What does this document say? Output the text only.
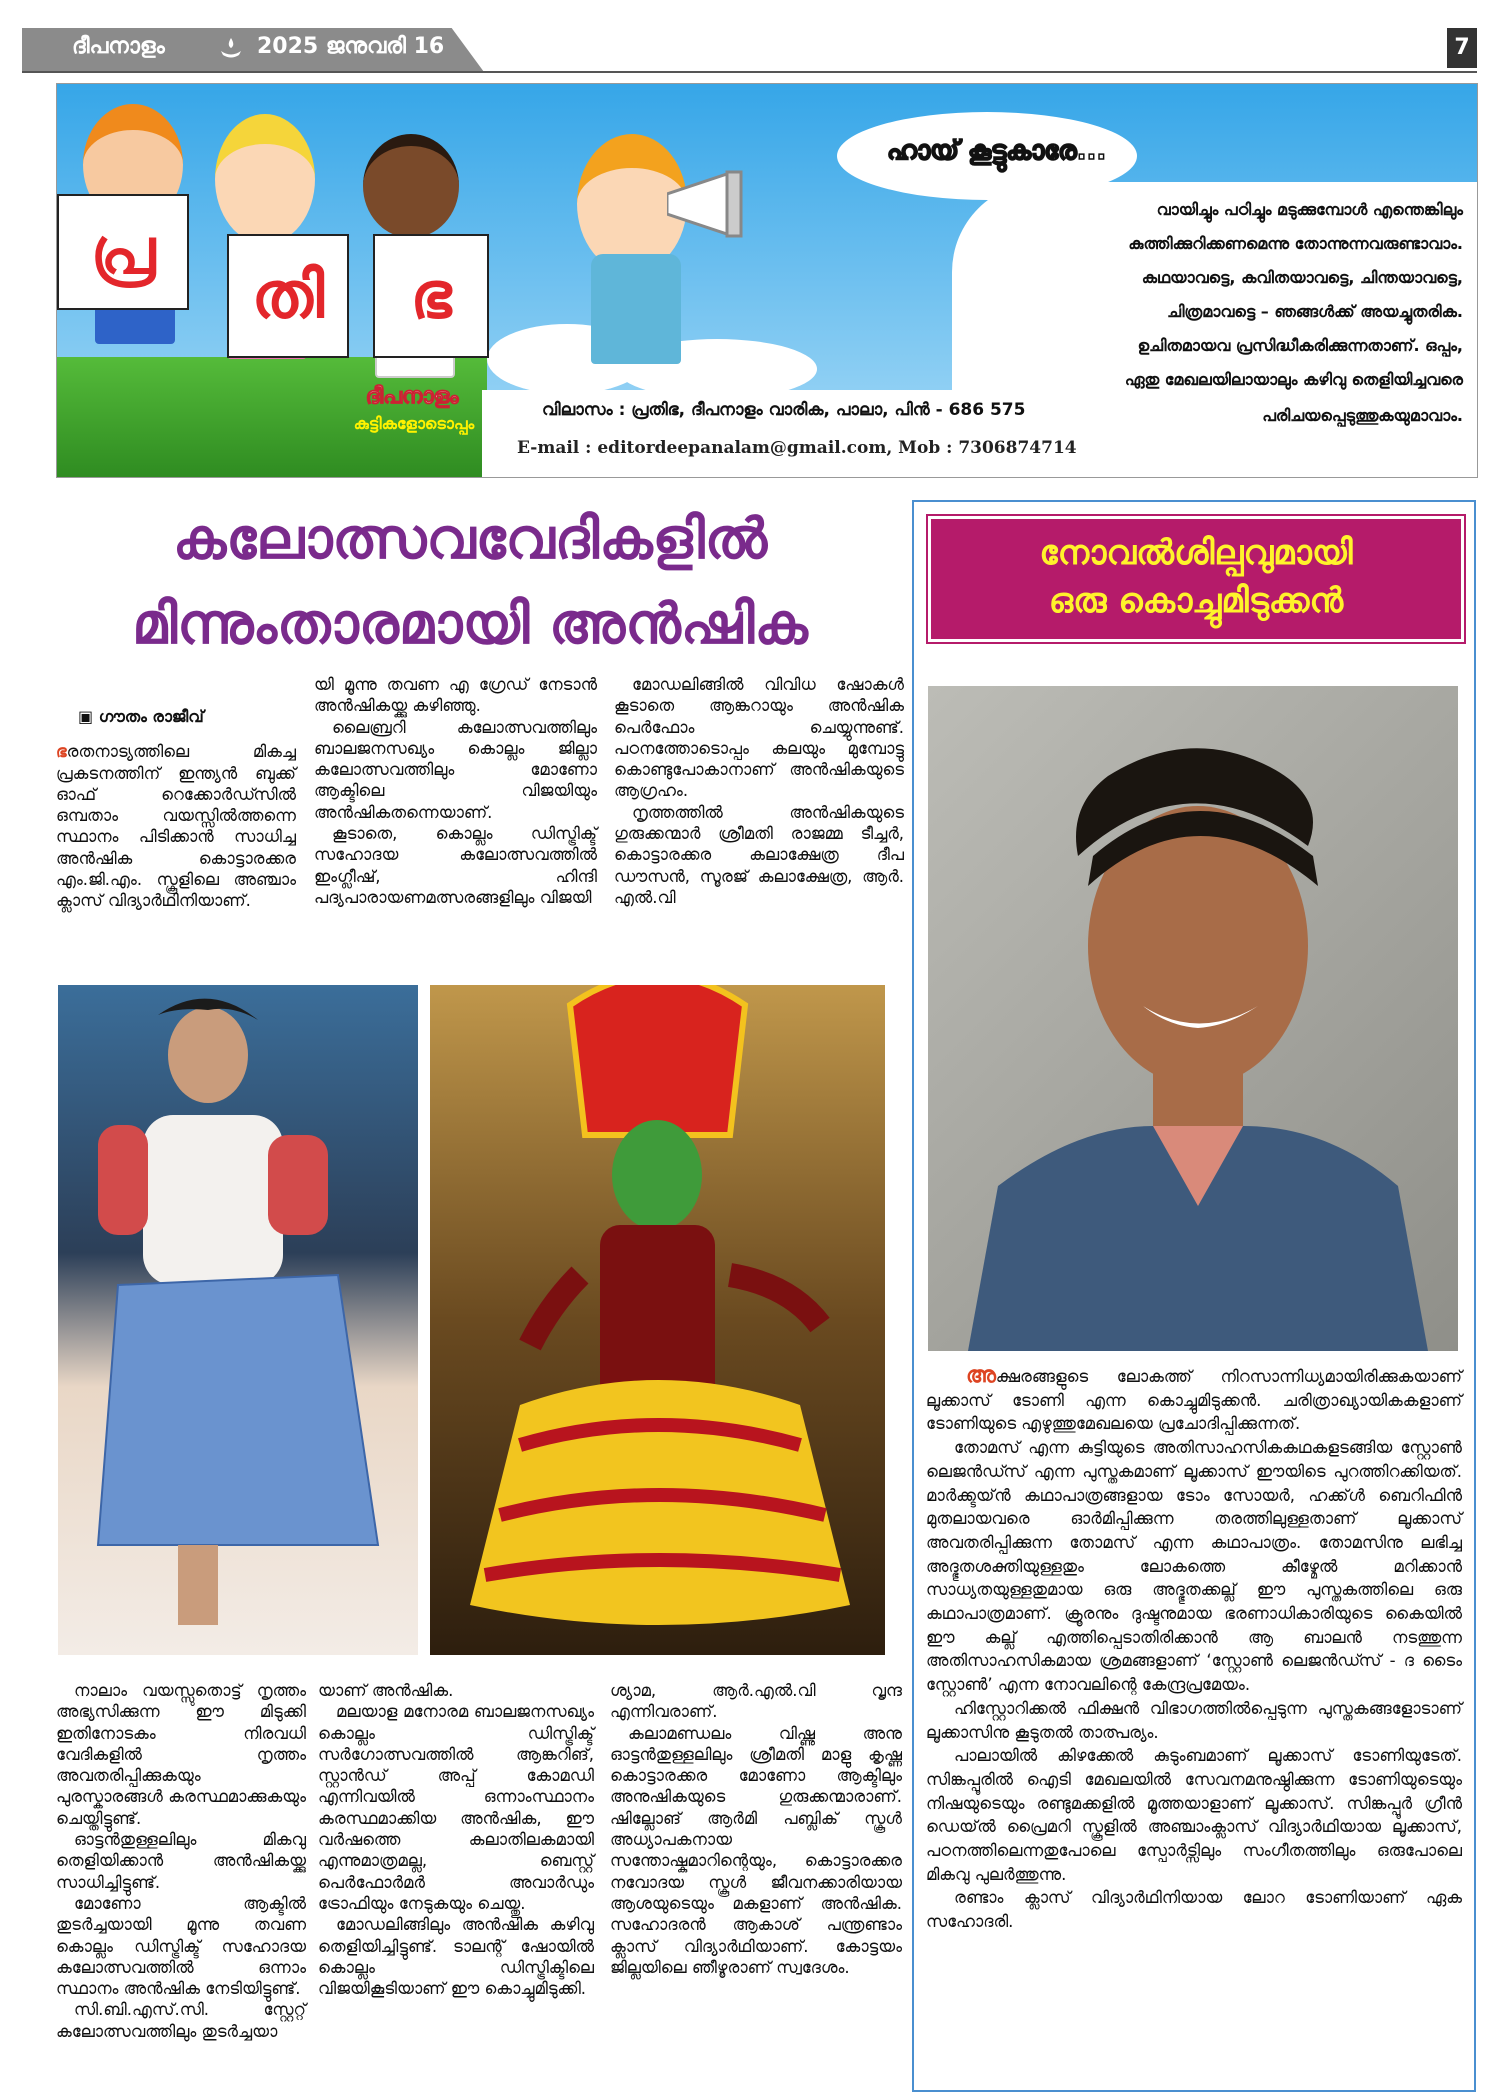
ദീപനാളം	2025 ജനുവരി 16	7
പ്ര
തി	ഭ
ദീപനാളം
കുട്ടികളോടൊപ്പം
ഹായ് കൂട്ടുകാരേ...
വായിച്ചും പഠിച്ചും മടുക്കുമ്പോൾ എന്തെങ്കിലും
കുത്തിക്കുറിക്കണമെന്നു തോന്നുന്നവരുണ്ടാവാം.
കഥയാവട്ടെ, കവിതയാവട്ടെ, ചിന്തയാവട്ടെ,
ചിത്രമാവട്ടെ – ഞങ്ങൾക്ക് അയച്ചുതരിക.
ഉചിതമായവ പ്രസിദ്ധീകരിക്കുന്നതാണ്. ഒപ്പം,
ഏതു മേഖലയിലായാലും കഴിവു തെളിയിച്ചവരെ
പരിചയപ്പെടുത്തുകയുമാവാം.
വിലാസം : പ്രതിഭ, ദീപനാളം വാരിക, പാലാ, പിൻ - 686 575
E-mail : editordeepanalam@gmail.com, Mob : 7306874714
കലോത്സവവേദികളിൽ
മിന്നുംതാരമായി അൻഷിക
▣ ഗൗതം രാജീവ്

ഭരതനാട്യത്തിലെ മികച്ച പ്രകടനത്തിന് ഇന്ത്യൻ ബുക്ക് ഓഫ് റെക്കോർഡ്സിൽ ഒമ്പതാം വയസ്സിൽത്തന്നെ സ്ഥാനം പിടിക്കാൻ സാധിച്ച അൻഷിക കൊട്ടാരക്കര എം.ജി.എം. സ്കൂളിലെ അഞ്ചാം ക്ലാസ് വിദ്യാർഥിനിയാണ്.

യി മൂന്നു തവണ എ ഗ്രേഡ് നേടാൻ അൻഷികയ്ക്കു കഴിഞ്ഞു.

ലൈബ്രറി കലോത്സവത്തിലും ബാലജനസഖ്യം കൊല്ലം ജില്ലാ കലോത്സവത്തിലും മോണോ ആക്ടിലെ വിജയിയും അൻഷികതന്നെയാണ്.

കൂടാതെ, കൊല്ലം ഡിസ്ട്രിക്ട് സഹോദയ കലോത്സവത്തിൽ ഇംഗ്ലീഷ്, ഹിന്ദി പദ്യപാരായണമത്സരങ്ങളിലും വിജയി

മോഡലിങ്ങിൽ വിവിധ ഷോകൾ കൂടാതെ ആങ്കറായും അൻഷിക പെർഫോം ചെയ്യുന്നുണ്ട്. പഠനത്തോടൊപ്പം കലയും മുമ്പോട്ടു കൊണ്ടുപോകാനാണ് അൻഷികയുടെ ആഗ്രഹം.

നൃത്തത്തിൽ അൻഷികയുടെ ഗുരുക്കന്മാർ ശ്രീമതി രാജമ്മ ടീച്ചർ, കൊട്ടാരക്കര കലാക്ഷേത്ര ദീപ ഡൗസൻ, സൂരജ് കലാക്ഷേത്ര, ആർ. എൽ.വി

നാലാം വയസ്സുതൊട്ട് നൃത്തം അഭ്യസിക്കുന്ന ഈ മിടുക്കി ഇതിനോടകം നിരവധി വേദികളിൽ നൃത്തം അവതരിപ്പിക്കുകയും പുരസ്കാരങ്ങൾ കരസ്ഥമാക്കുകയും ചെയ്തിട്ടുണ്ട്.

ഓട്ടൻതുള്ളലിലും മികവു തെളിയിക്കാൻ അൻഷികയ്ക്കു സാധിച്ചിട്ടുണ്ട്.

മോണോ ആക്ടിൽ തുടർച്ചയായി മൂന്നു തവണ കൊല്ലം ഡിസ്ട്രിക്ട് സഹോദയ കലോത്സവത്തിൽ ഒന്നാം സ്ഥാനം അൻഷിക നേടിയിട്ടുണ്ട്.

സി.ബി.എസ്.സി. സ്റ്റേറ്റ് കലോത്സവത്തിലും തുടർച്ചയാ

യാണ് അൻഷിക.

മലയാള മനോരമ ബാലജനസഖ്യം കൊല്ലം ഡിസ്ട്രിക്ട് സർഗോത്സവത്തിൽ ആങ്കറിങ്, സ്റ്റാൻഡ് അപ്പ് കോമഡി എന്നിവയിൽ ഒന്നാംസ്ഥാനം കരസ്ഥമാക്കിയ അൻഷിക, ഈ വർഷത്തെ കലാതിലകമായി എന്നുമാത്രമല്ല, ബെസ്റ്റ് പെർഫോർമർ അവാർഡും ട്രോഫിയും നേടുകയും ചെയ്തു.

മോഡലിങ്ങിലും അൻഷിക കഴിവു തെളിയിച്ചിട്ടുണ്ട്. ടാലന്റ് ഷോയിൽ കൊല്ലം ഡിസ്ട്രിക്ടിലെ വിജയികൂടിയാണ് ഈ കൊച്ചുമിടുക്കി.

ശ്യാമ, ആർ.എൽ.വി വൃന്ദ എന്നിവരാണ്.

കലാമണ്ഡലം വിഷ്ണു അനു ഓട്ടൻതുള്ളലിലും ശ്രീമതി മാളു കൃഷ്ണ കൊട്ടാരക്കര മോണോ ആക്ടിലും അനുഷികയുടെ ഗുരുക്കന്മാരാണ്. ഷില്ലോങ് ആർമി പബ്ലിക് സ്കൂൾ അധ്യാപകനായ സന്തോഷ്കുമാറിന്റെയും, കൊട്ടാരക്കര നവോദയ സ്കൂൾ ജീവനക്കാരിയായ ആശയുടെയും മകളാണ് അൻഷിക. സഹോദരൻ ആകാശ് പന്ത്രണ്ടാം ക്ലാസ് വിദ്യാർഥിയാണ്. കോട്ടയം ജില്ലയിലെ ഞീഴൂരാണ് സ്വദേശം.

നോവൽശില്പവുമായി
ഒരു കൊച്ചുമിടുക്കൻ

അക്ഷരങ്ങളുടെ ലോകത്ത് നിറസാന്നിധ്യമായിരിക്കുകയാണ് ലൂക്കാസ് ടോണി എന്ന കൊച്ചുമിടുക്കൻ. ചരിത്രാഖ്യായികകളാണ് ടോണിയുടെ എഴുത്തുമേഖലയെ പ്രചോദിപ്പിക്കുന്നത്.

തോമസ് എന്ന കുട്ടിയുടെ അതിസാഹസികകഥകളടങ്ങിയ സ്റ്റോൺ ലെജൻഡ്സ് എന്ന പുസ്തകമാണ് ലൂക്കാസ് ഈയിടെ പുറത്തിറക്കിയത്. മാർക്ക്ടയ്ൻ കഥാപാത്രങ്ങളായ ടോം സോയർ, ഹക്ക്ൾ ബെറിഫിൻ മുതലായവരെ ഓർമിപ്പിക്കുന്ന തരത്തിലുള്ളതാണ് ലൂക്കാസ് അവതരിപ്പിക്കുന്ന തോമസ് എന്ന കഥാപാത്രം. തോമസിനു ലഭിച്ച അദ്ഭുതശക്തിയുള്ളതും ലോകത്തെ കീഴ്മേൽ മറിക്കാൻ സാധ്യതയുള്ളതുമായ ഒരു അദ്ഭുതക്കല്ല് ഈ പുസ്തകത്തിലെ ഒരു കഥാപാത്രമാണ്. ക്രൂരനും ദുഷ്ടനുമായ ഭരണാധികാരിയുടെ കൈയിൽ ഈ കല്ല് എത്തിപ്പെടാതിരിക്കാൻ ആ ബാലൻ നടത്തുന്ന അതിസാഹസികമായ ശ്രമങ്ങളാണ് ‘സ്റ്റോൺ ലെജൻഡ്സ് - ദ ടൈം സ്റ്റോൺ’ എന്ന നോവലിന്റെ കേന്ദ്രപ്രമേയം.

ഹിസ്റ്റോറിക്കൽ ഫിക്ഷൻ വിഭാഗത്തിൽപ്പെടുന്ന പുസ്തകങ്ങളോടാണ് ലൂക്കാസിനു കൂടുതൽ താത്പര്യം.

പാലായിൽ കിഴക്കേൽ കുടുംബമാണ് ലൂക്കാസ് ടോണിയുടേത്. സിങ്കപ്പൂരിൽ ഐടി മേഖലയിൽ സേവനമനുഷ്ഠിക്കുന്ന ടോണിയുടെയും നിഷയുടെയും രണ്ടുമക്കളിൽ മൂത്തയാളാണ് ലൂക്കാസ്. സിങ്കപ്പൂർ ഗ്രീൻ ഡെയ്ൽ പ്രൈമറി സ്കൂളിൽ അഞ്ചാംക്ലാസ് വിദ്യാർഥിയായ ലൂക്കാസ്, പഠനത്തിലെന്നതുപോലെ സ്പോർട്സിലും സംഗീതത്തിലും ഒരുപോലെ മികവു പുലർത്തുന്നു.

രണ്ടാം ക്ലാസ് വിദ്യാർഥിനിയായ ലോറ ടോണിയാണ് ഏക സഹോദരി.
